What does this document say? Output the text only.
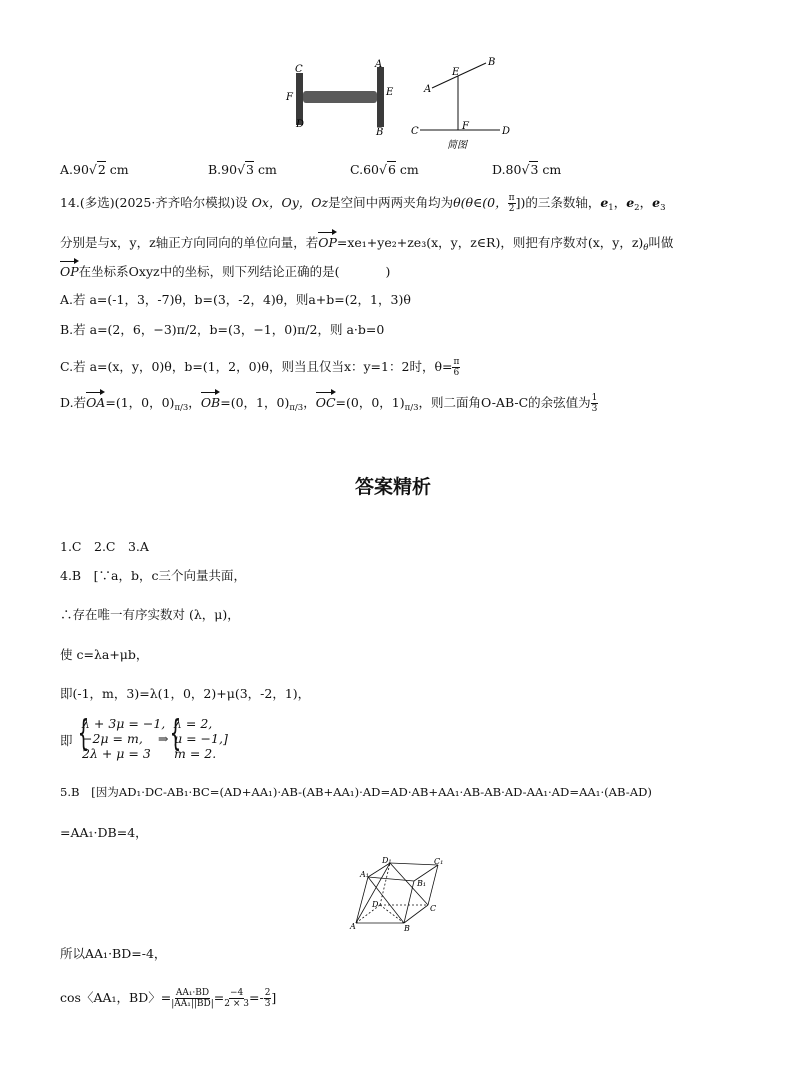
C
F
D
A
E
B
E
B
A
C	F	D
简图
A.90√2 cm	B.90√3 cm	C.60√6 cm	D.80√3 cm
14.(多选)(2025·齐齐哈尔模拟)设 Ox，Oy，Oz是空间中两两夹角均为θ(θ∈(0， $\frac{\pi}{2}$ ])的三条数轴，$e_1$，$e_2$，$e_3$
分别是与x，y，z轴正方向同向的单位向量，若OP=xe₁+ye₂+ze₃(x，y，z∈R)，则把有序数对(x，y，$z)_\theta$叫做
OP在坐标系Oxyz中的坐标，则下列结论正确的是(	)
A.若 a=(-1，3，-7)θ，b=(3，-2，4)θ，则a+b=(2，1，3)θ
B.若 a=(2，6，−3)π/2，b=(3，−1，0)π/2，则 a·b=0
C.若 a=(x，y，0)θ，b=(1，2，0)θ，则当且仅当x：y=1：2时，$\theta= \frac{\pi}{6}$
D.若OA=(1，0，$0)_{\pi/3}$，OB=(0，1，$0)_{\pi/3}$，OC=(0，0，$1)_{\pi/3}$，则二面角O-AB-C的余弦值为 $\frac{1}{3}$
答案精析
1.C　2.C　3.A
4.B　[∵a，b，c三个向量共面，
∴存在唯一有序实数对 (λ，μ)，
使 c=λa+μb，
即(-1，m，3)=λ(1，0，2)+μ(3，-2，1)，
即 {
λ + 3μ = −1,
−2μ = m,
2λ + μ = 3
⇒ {
λ = 2,
μ = −1,]
m = 2.
5.B　[因为AD₁·DC-AB₁·BC=(AD+AA₁)·AB-(AB+AA₁)·AD=AD·AB+AA₁·AB-AB·AD-AA₁·AD=AA₁·(AB-AD)
=AA₁·DB=4，
D₁	C₁
A₁
B₁
D	C
A	B
所以AA₁·BD=-4，
cos〈AA₁，BD〉= $\frac{\text{AA₁·BD}}{\text{|AA₁||BD|}} = \frac{-4}{2 \times 3} =- \frac{2}{3}$ ]
